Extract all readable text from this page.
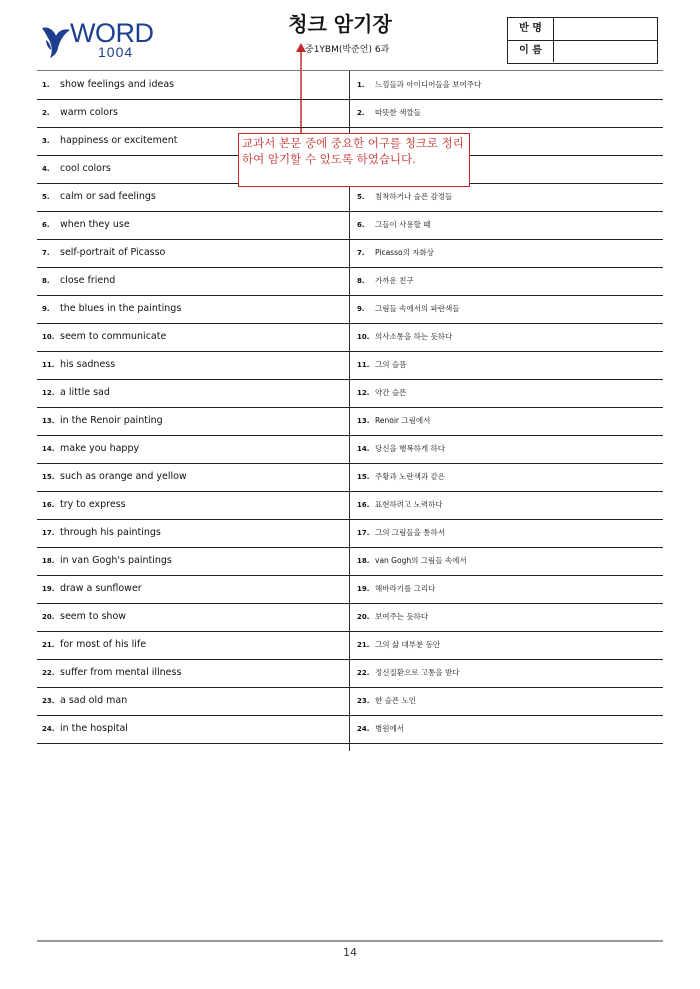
WORD
1004
청크 암기장
중1YBM(박준언) 6과
반 명
이 름
1. show feelings and ideas	1. 느낌들과 아이디어들을 보여주다
2. warm colors	2. 따뜻한 색깔들
3. happiness or excitement
4. cool colors
5. calm or sad feelings	5. 침착하거나 슬픈 감정들
6. when they use	6. 그들이 사용할 때
7. self-portrait of Picasso	7. Picasso의 자화상
8. close friend	8. 가까운 친구
9. the blues in the paintings	9. 그림들 속에서의 파란색들
10. seem to communicate	10. 의사소통을 하는 듯하다
11. his sadness	11. 그의 슬픔
12. a little sad	12. 약간 슬픈
13. in the Renoir painting	13. Renoir 그림에서
14. make you happy	14. 당신을 행복하게 하다
15. such as orange and yellow	15. 주황과 노란색과 같은
16. try to express	16. 표현하려고 노력하다
17. through his paintings	17. 그의 그림들을 통하서
18. in van Gogh's paintings	18. van Gogh의 그림들 속에서
19. draw a sunflower	19. 해바라기를 그리다
20. seem to show	20. 보여주는 듯하다
21. for most of his life	21. 그의 삶 대부분 동안
22. suffer from mental illness	22. 정신질환으로 고통을 받다
23. a sad old man	23. 한 슬픈 노인
24. in the hospital	24. 병원에서
교과서 본문 중에 중요한 어구를 청크로 정리하여 암기할 수 있도록 하였습니다.
14
